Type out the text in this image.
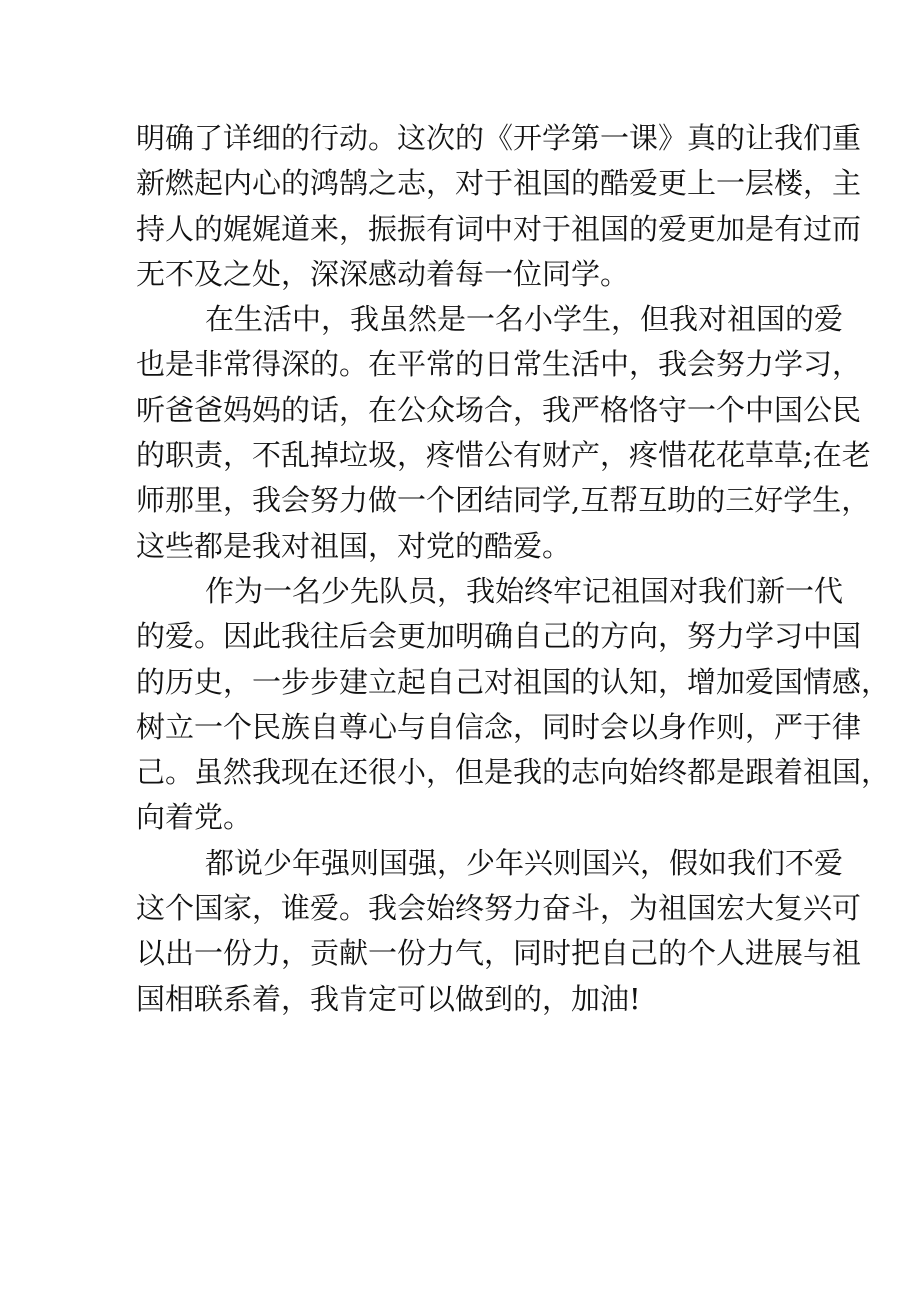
明确了详细的行动。这次的《开学第一课》真的让我们重
新燃起内心的鸿鹄之志，对于祖国的酷爱更上一层楼，主
持人的娓娓道来，振振有词中对于祖国的爱更加是有过而
无不及之处，深深感动着每一位同学。
在生活中，我虽然是一名小学生，但我对祖国的爱
也是非常得深的。在平常的日常生活中，我会努力学习，
听爸爸妈妈的话，在公众场合，我严格恪守一个中国公民
的职责，不乱掉垃圾，疼惜公有财产，疼惜花花草草;在老
师那里，我会努力做一个团结同学,互帮互助的三好学生，
这些都是我对祖国，对党的酷爱。
作为一名少先队员，我始终牢记祖国对我们新一代
的爱。因此我往后会更加明确自己的方向，努力学习中国
的历史，一步步建立起自己对祖国的认知，增加爱国情感，
树立一个民族自尊心与自信念，同时会以身作则，严于律
己。虽然我现在还很小，但是我的志向始终都是跟着祖国，
向着党。
都说少年强则国强，少年兴则国兴，假如我们不爱
这个国家，谁爱。我会始终努力奋斗，为祖国宏大复兴可
以出一份力，贡献一份力气，同时把自己的个人进展与祖
国相联系着，我肯定可以做到的，加油!
